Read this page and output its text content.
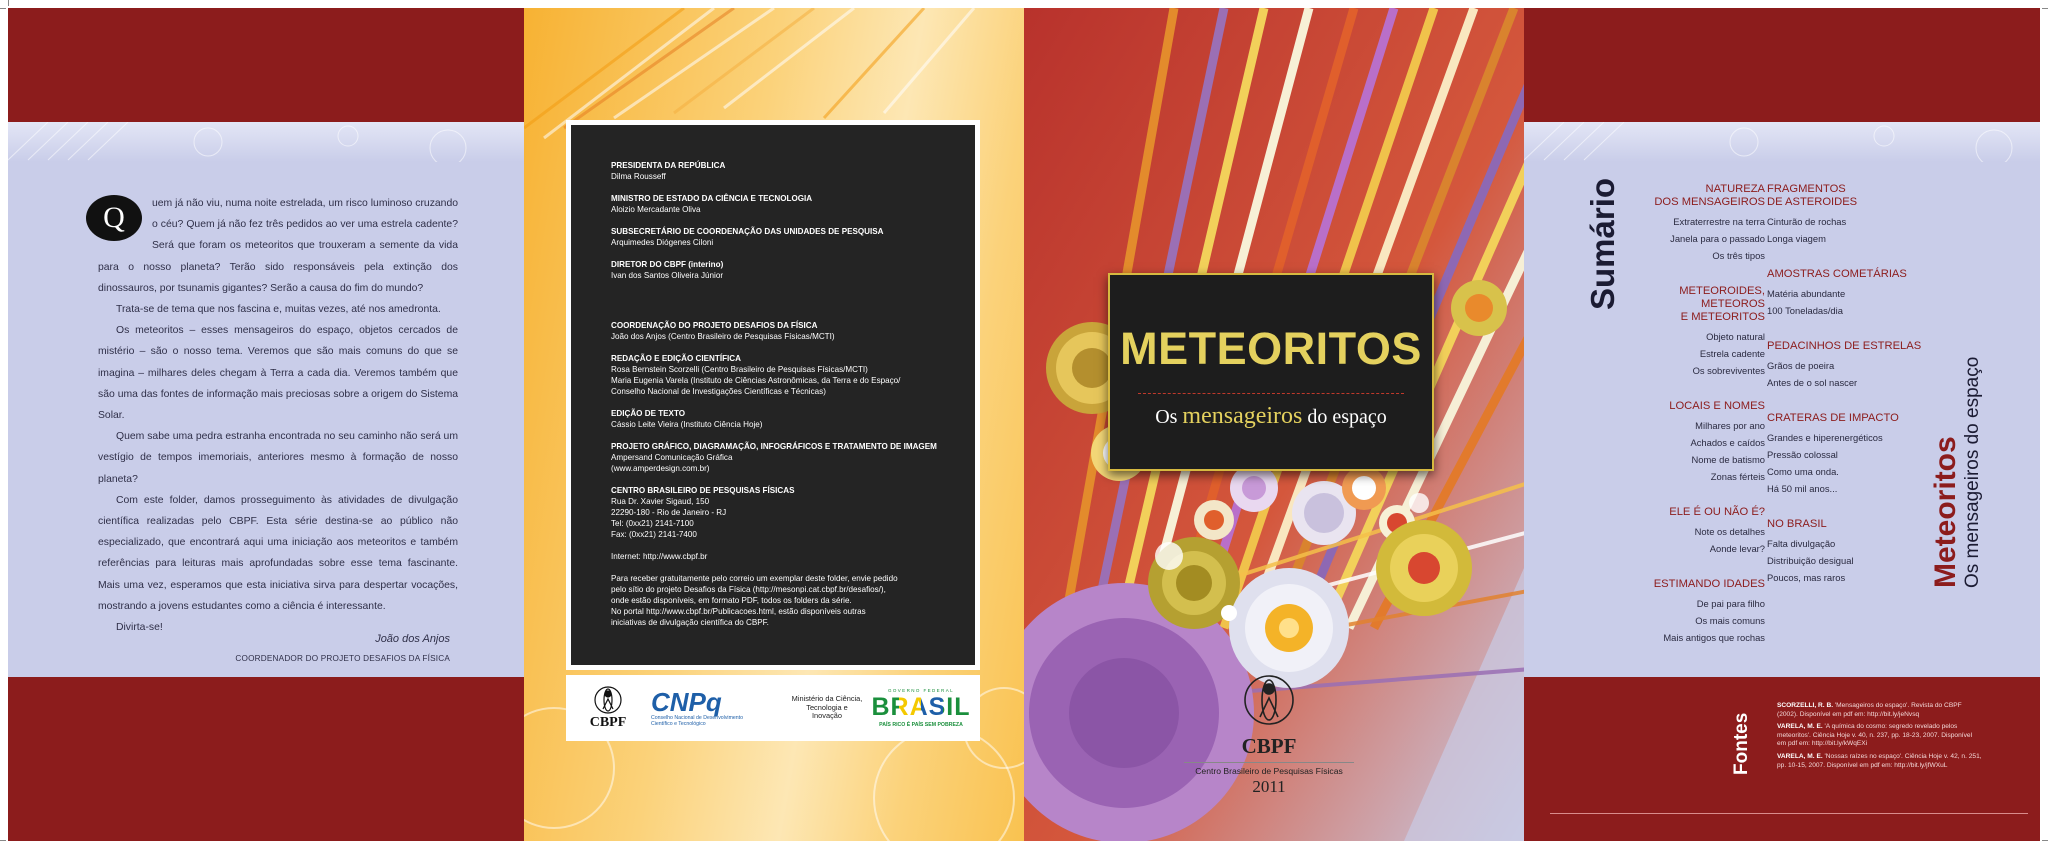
Q	uem já não viu, numa noite estrelada, um risco luminoso cruzando o céu? Quem já não fez três pedidos ao ver uma estrela cadente? Será que foram os meteoritos que trouxeram a semente da vida para o nosso planeta? Terão sido responsáveis pela extinção dos dinossauros, por tsunamis gigantes? Serão a causa do fim do mundo?

Trata-se de tema que nos fascina e, muitas vezes, até nos amedronta.

Os meteoritos – esses mensageiros do espaço, objetos cercados de mistério – são o nosso tema. Veremos que são mais comuns do que se imagina – milhares deles chegam à Terra a cada dia. Veremos também que são uma das fontes de informação mais preciosas sobre a origem do Sistema Solar.

Quem sabe uma pedra estranha encontrada no seu caminho não será um vestígio de tempos imemoriais, anteriores mesmo à formação de nosso planeta?

Com este folder, damos prosseguimento às atividades de divulgação científica realizadas pelo CBPF. Esta série destina-se ao público não especializado, que encontrará aqui uma iniciação aos meteoritos e também referências para leituras mais aprofundadas sobre esse tema fascinante. Mais uma vez, esperamos que esta iniciativa sirva para despertar vocações, mostrando a jovens estudantes como a ciência é interessante.

Divirta-se!

João dos Anjos
COORDENADOR DO PROJETO DESAFIOS DA FÍSICA
PRESIDENTA DA REPÚBLICA
Dilma Rousseff
MINISTRO DE ESTADO DA CIÊNCIA E TECNOLOGIA
Aloizio Mercadante Oliva
SUBSECRETÁRIO DE COORDENAÇÃO DAS UNIDADES DE PESQUISA
Arquimedes Diógenes Ciloni
DIRETOR DO CBPF (interino)
Ivan dos Santos Oliveira Júnior
COORDENAÇÃO DO PROJETO DESAFIOS DA FÍSICA
João dos Anjos (Centro Brasileiro de Pesquisas Físicas/MCTI)
REDAÇÃO E EDIÇÃO CIENTÍFICA
Rosa Bernstein Scorzelli (Centro Brasileiro de Pesquisas Físicas/MCTI)
Maria Eugenia Varela (Instituto de Ciências Astronômicas, da Terra e do Espaço/
Conselho Nacional de Investigações Científicas e Técnicas)
EDIÇÃO DE TEXTO
Cássio Leite Vieira (Instituto Ciência Hoje)
PROJETO GRÁFICO, DIAGRAMAÇÃO, INFOGRÁFICOS E TRATAMENTO DE IMAGEM
Ampersand Comunicação Gráfica
(www.amperdesign.com.br)
CENTRO BRASILEIRO DE PESQUISAS FÍSICAS
Rua Dr. Xavier Sigaud, 150
22290-180 - Rio de Janeiro - RJ
Tel: (0xx21) 2141-7100
Fax: (0xx21) 2141-7400
Internet: http://www.cbpf.br
Para receber gratuitamente pelo correio um exemplar deste folder, envie pedido
pelo sítio do projeto Desafios da Física (http://mesonpi.cat.cbpf.br/desafios/),
onde estão disponíveis, em formato PDF, todos os folders da série.
No portal http://www.cbpf.br/Publicacoes.html, estão disponíveis outras
iniciativas de divulgação científica do CBPF.
CBPF
CNPq
Conselho Nacional de Desenvolvimento Científico e Tecnológico
Ministério da Ciência, Tecnologia e Inovação
GOVERNO FEDERAL
BRASIL
PAÍS RICO É PAÍS SEM POBREZA
METEORITOS
Os mensageiros do espaço
CBPF
Centro Brasileiro de Pesquisas Físicas
2011
Sumário	NATUREZA
DOS MENSAGEIROS
Extraterrestre na terra
Janela para o passado
Os três tipos
METEOROIDES,
METEOROS
E METEORITOS
Objeto natural
Estrela cadente
Os sobreviventes
LOCAIS E NOMES
Milhares por ano
Achados e caídos
Nome de batismo
Zonas férteis
ELE É OU NÃO É?
Note os detalhes
Aonde levar?
ESTIMANDO IDADES
De pai para filho
Os mais comuns
Mais antigos que rochas
FRAGMENTOS
DE ASTEROIDES
Cinturão de rochas
Longa viagem
AMOSTRAS COMETÁRIAS
Matéria abundante
100 Toneladas/dia
PEDACINHOS DE ESTRELAS
Grãos de poeira
Antes de o sol nascer
CRATERAS DE IMPACTO
Grandes e hiperenergéticos
Pressão colossal
Como uma onda.
Há 50 mil anos...
NO BRASIL
Falta divulgação
Distribuição desigual
Poucos, mas raros	Meteoritos Os mensageiros do espaço
Fontes

SCORZELLI, R. B. 'Mensageiros do espaço'. Revista do CBPF (2002). Disponível em pdf em: http://bit.ly/jeNvsq

VARELA, M. E. 'A química do cosmo: segredo revelado pelos meteoritos'. Ciência Hoje v. 40, n. 237, pp. 18-23, 2007. Disponível em pdf em: http://bit.ly/kWqEXi

VARELA, M. E. 'Nossas raízes no espaço'. Ciência Hoje v. 42, n. 251, pp. 10-15, 2007. Disponível em pdf em: http://bit.ly/jfWXuL
